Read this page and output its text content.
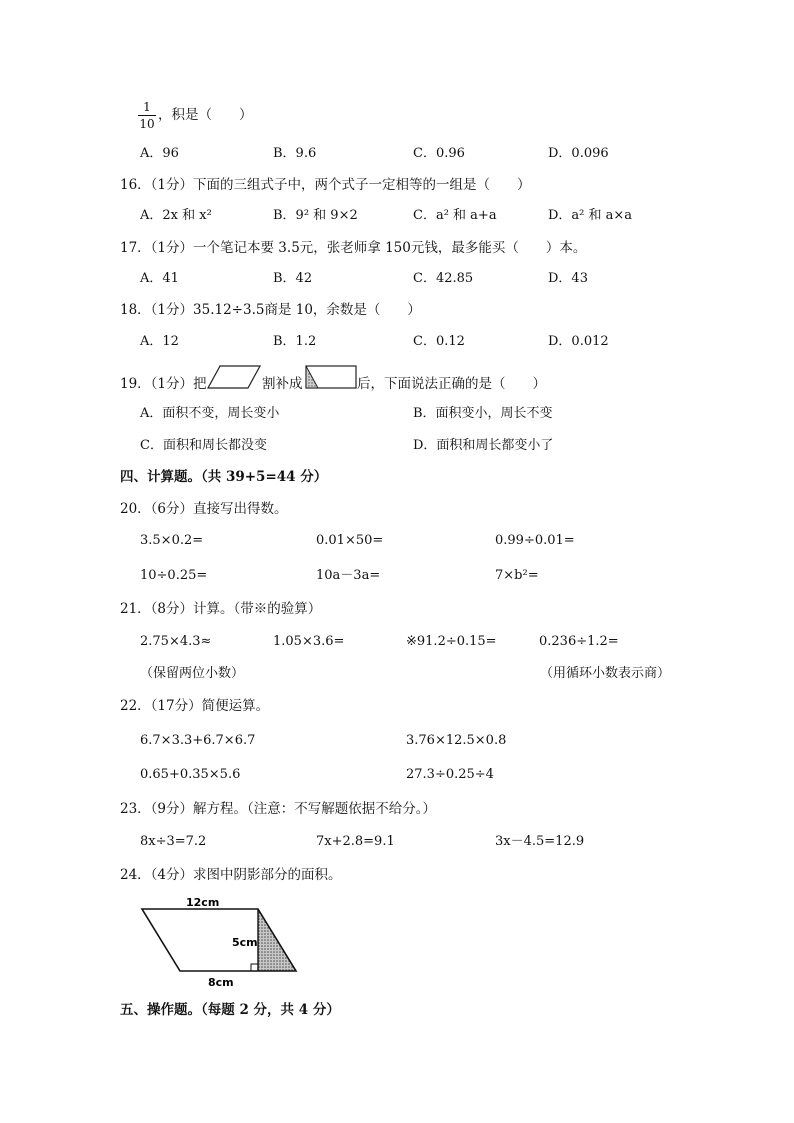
1
10
，积是（　　）
A．96	B．9.6	C．0.96	D．0.096
16．（1分）下面的三组式子中，两个式子一定相等的一组是（　　）
A．2x 和 x²	B．9² 和 9×2	C．a² 和 a+a	D．a² 和 a×a
17．（1分）一个笔记本要 3.5元，张老师拿 150元钱，最多能买（　　）本。
A．41	B．42	C．42.85	D．43
18．（1分）35.12÷3.5商是 10，余数是（　　）
A．12	B．1.2	C．0.12	D．0.012
19．（1分）把	割补成	后，下面说法正确的是（　　）
A．面积不变，周长变小	B．面积变小，周长不变
C．面积和周长都没变	D．面积和周长都变小了
四、计算题。（共 39+5=44 分）
20．（6分）直接写出得数。
3.5×0.2=	0.01×50=	0.99÷0.01=
10÷0.25=	10a－3a=	7×b²=
21．（8分）计算。（带※的验算）
2.75×4.3≈	1.05×3.6=	※91.2÷0.15=	0.236÷1.2=
（保留两位小数）	（用循环小数表示商）
22．（17分）简便运算。
6.7×3.3+6.7×6.7	3.76×12.5×0.8
0.65+0.35×5.6	27.3÷0.25÷4
23．（9分）解方程。（注意：不写解题依据不给分。）
8x÷3=7.2	7x+2.8=9.1	3x－4.5=12.9
24．（4分）求图中阴影部分的面积。
12cm
5cm
8cm
五、操作题。（每题 2 分，共 4 分）
